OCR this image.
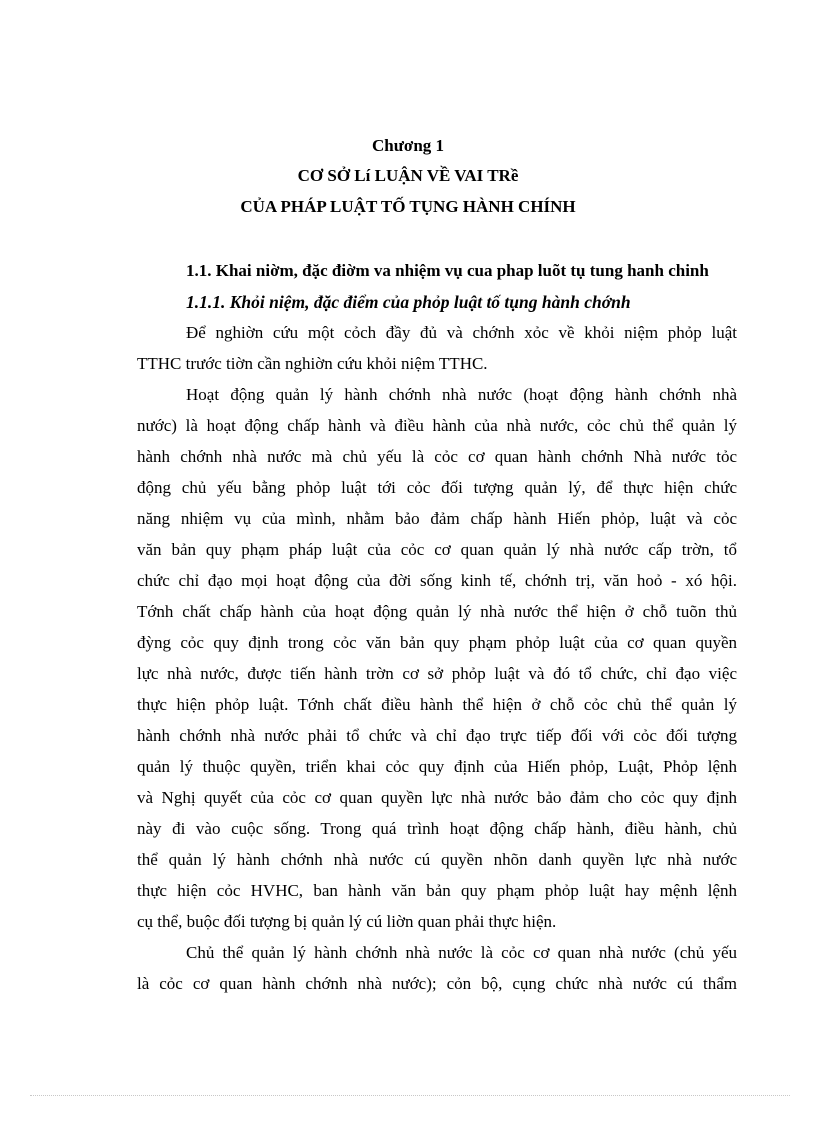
Chương 1
CƠ SỞ Lí LUẬN VỀ VAI TRề
CỦA PHÁP LUẬT TỐ TỤNG HÀNH CHÍNH
1.1. Khai niờm, đặc điờm va nhiệm vụ cua phap luõt tụ tung hanh chinh
1.1.1. Khỏi niệm, đặc điểm của phỏp luật tố tụng hành chớnh
Để nghiờn cứu một cỏch đầy đủ và chớnh xỏc về khỏi niệm phỏp luật
TTHC trước tiờn cần nghiờn cứu khỏi niệm TTHC.
Hoạt động quản lý hành chớnh nhà nước (hoạt động hành chớnh nhà
nước) là hoạt động chấp hành và điều hành của nhà nước, cỏc chủ thể quản lý
hành chớnh nhà nước mà chủ yếu là cỏc cơ quan hành chớnh Nhà nước tỏc
động chủ yếu bằng phỏp luật tới cỏc đối tượng quản lý, để thực hiện chức
năng nhiệm vụ của mình, nhằm bảo đảm chấp hành Hiến phỏp, luật và cỏc
văn bản quy phạm pháp luật của cỏc cơ quan quản lý nhà nước cấp trờn, tổ
chức chỉ đạo mọi hoạt động của đời sống kinh tế, chớnh trị, văn hoỏ - xó hội.
Tớnh chất chấp hành của hoạt động quản lý nhà nước thể hiện ở chỗ tuõn thủ
đỳng cỏc quy định trong cỏc văn bản quy phạm phỏp luật của cơ quan quyền
lực nhà nước, được tiến hành trờn cơ sở phỏp luật và đó tổ chức, chỉ đạo việc
thực hiện phỏp luật. Tớnh chất điều hành thể hiện ở chỗ cỏc chủ thể quản lý
hành chớnh nhà nước phải tổ chức và chỉ đạo trực tiếp đối với cỏc đối tượng
quản lý thuộc quyền, triển khai cỏc quy định của Hiến phỏp, Luật, Phỏp lệnh
và Nghị quyết của cỏc cơ quan quyền lực nhà nước bảo đảm cho cỏc quy định
này đi vào cuộc sống. Trong quá trình hoạt động chấp hành, điều hành, chủ
thể quản lý hành chớnh nhà nước cú quyền nhõn danh quyền lực nhà nước
thực hiện cỏc HVHC, ban hành văn bản quy phạm phỏp luật hay mệnh lệnh
cụ thể, buộc đối tượng bị quản lý cú liờn quan phải thực hiện.
Chủ thể quản lý hành chớnh nhà nước là cỏc cơ quan nhà nước (chủ yếu
là cỏc cơ quan hành chớnh nhà nước); cỏn bộ, cụng chức nhà nước cú thẩm
